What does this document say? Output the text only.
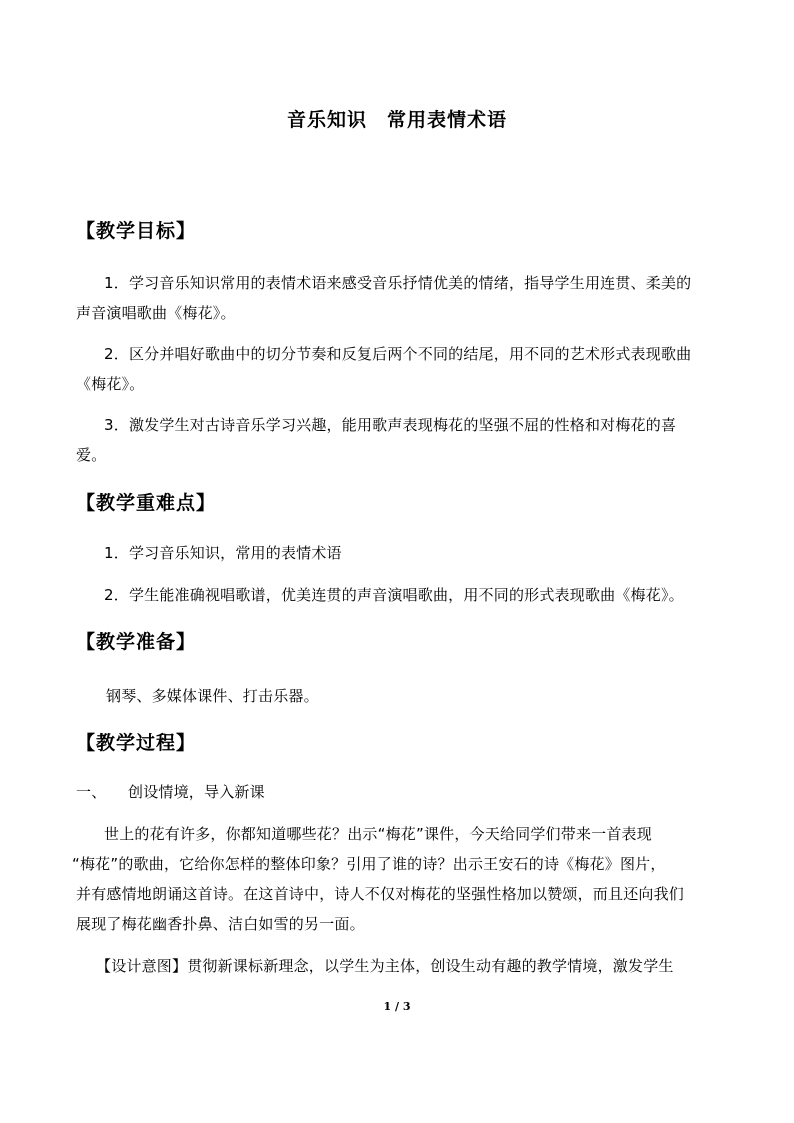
音乐知识　常用表情术语
【教学目标】
1．学习音乐知识常用的表情术语来感受音乐抒情优美的情绪，指导学生用连贯、柔美的
声音演唱歌曲《梅花》。
2．区分并唱好歌曲中的切分节奏和反复后两个不同的结尾，用不同的艺术形式表现歌曲
《梅花》。
3．激发学生对古诗音乐学习兴趣，能用歌声表现梅花的坚强不屈的性格和对梅花的喜
爱。
【教学重难点】
1．学习音乐知识，常用的表情术语
2．学生能准确视唱歌谱，优美连贯的声音演唱歌曲，用不同的形式表现歌曲《梅花》。
【教学准备】
钢琴、多媒体课件、打击乐器。
【教学过程】
一、 创设情境，导入新课
世上的花有许多，你都知道哪些花？出示“梅花”课件，今天给同学们带来一首表现
“梅花”的歌曲，它给你怎样的整体印象？引用了谁的诗？出示王安石的诗《梅花》图片，
并有感情地朗诵这首诗。在这首诗中，诗人不仅对梅花的坚强性格加以赞颂，而且还向我们
展现了梅花幽香扑鼻、洁白如雪的另一面。
【设计意图】贯彻新课标新理念，以学生为主体，创设生动有趣的教学情境，激发学生
1 / 3
